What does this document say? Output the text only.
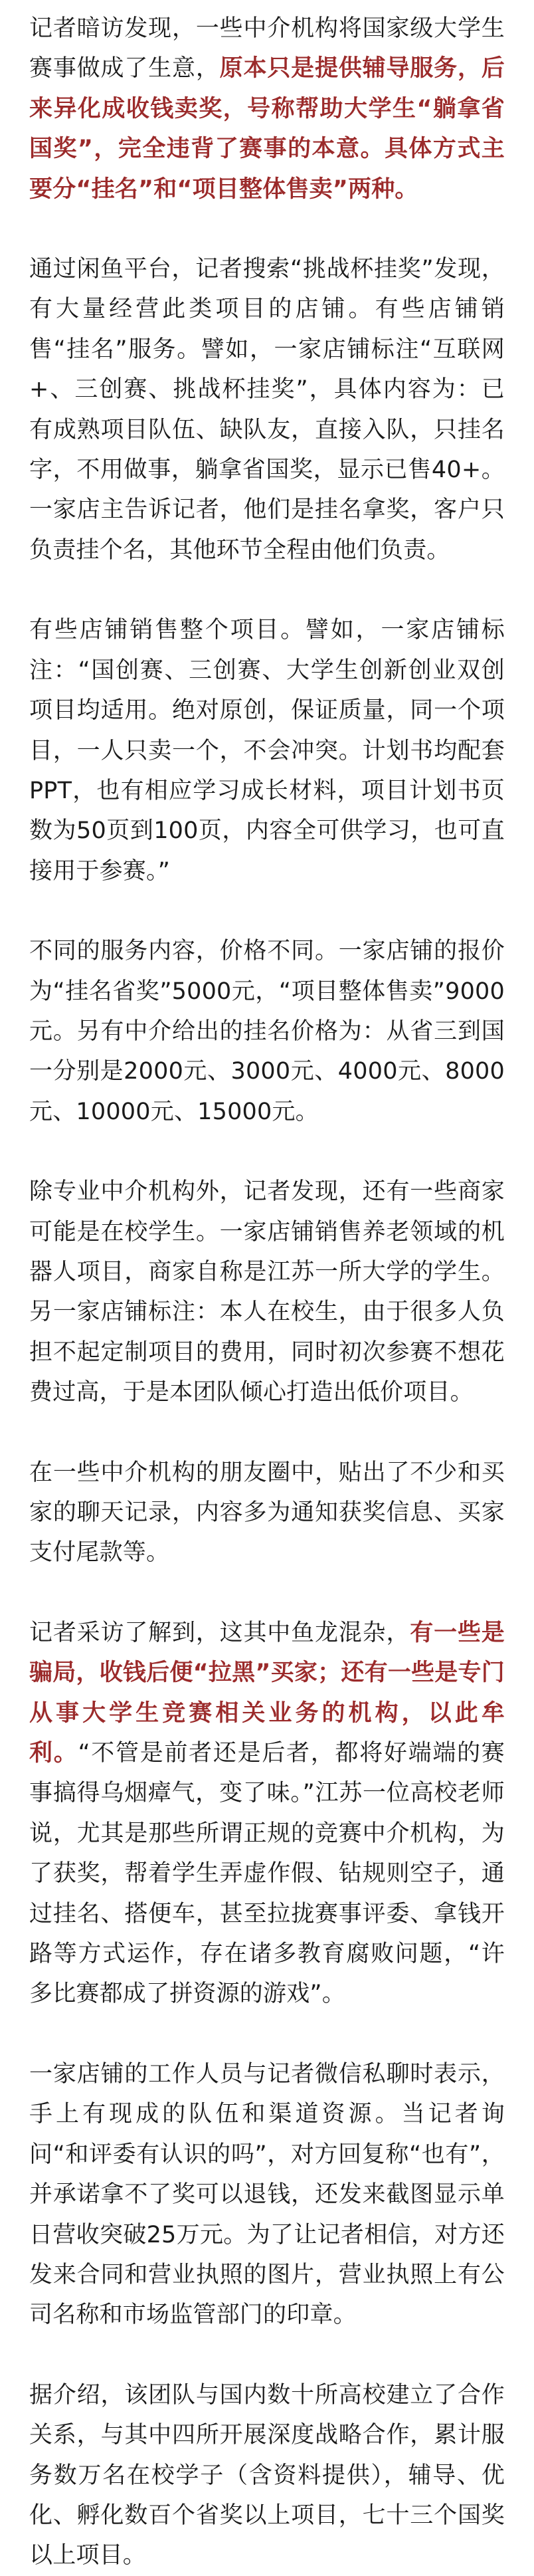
记者暗访发现，一些中介机构将国家级大学生赛事做成了生意，原本只是提供辅导服务，后来异化成收钱卖奖，号称帮助大学生“躺拿省国奖”，完全违背了赛事的本意。具体方式主要分“挂名”和“项目整体售卖”两种。

通过闲鱼平台，记者搜索“挑战杯挂奖”发现，有大量经营此类项目的店铺。有些店铺销售“挂名”服务。譬如，一家店铺标注“互联网+、三创赛、挑战杯挂奖”，具体内容为：已有成熟项目队伍、缺队友，直接入队，只挂名字，不用做事，躺拿省国奖，显示已售40+。一家店主告诉记者，他们是挂名拿奖，客户只负责挂个名，其他环节全程由他们负责。

有些店铺销售整个项目。譬如，一家店铺标注：“国创赛、三创赛、大学生创新创业双创项目均适用。绝对原创，保证质量，同一个项目，一人只卖一个，不会冲突。计划书均配套PPT，也有相应学习成长材料，项目计划书页数为50页到100页，内容全可供学习，也可直接用于参赛。”

不同的服务内容，价格不同。一家店铺的报价为“挂名省奖”5000元，“项目整体售卖”9000元。另有中介给出的挂名价格为：从省三到国一分别是2000元、3000元、4000元、8000元、10000元、15000元。

除专业中介机构外，记者发现，还有一些商家可能是在校学生。一家店铺销售养老领域的机器人项目，商家自称是江苏一所大学的学生。另一家店铺标注：本人在校生，由于很多人负担不起定制项目的费用，同时初次参赛不想花费过高，于是本团队倾心打造出低价项目。

在一些中介机构的朋友圈中，贴出了不少和买家的聊天记录，内容多为通知获奖信息、买家支付尾款等。

记者采访了解到，这其中鱼龙混杂，有一些是骗局，收钱后便“拉黑”买家；还有一些是专门从事大学生竞赛相关业务的机构，以此牟利。“不管是前者还是后者，都将好端端的赛事搞得乌烟瘴气，变了味。”江苏一位高校老师说，尤其是那些所谓正规的竞赛中介机构，为了获奖，帮着学生弄虚作假、钻规则空子，通过挂名、搭便车，甚至拉拢赛事评委、拿钱开路等方式运作，存在诸多教育腐败问题，“许多比赛都成了拼资源的游戏”。

一家店铺的工作人员与记者微信私聊时表示，手上有现成的队伍和渠道资源。当记者询问“和评委有认识的吗”，对方回复称“也有”，并承诺拿不了奖可以退钱，还发来截图显示单日营收突破25万元。为了让记者相信，对方还发来合同和营业执照的图片，营业执照上有公司名称和市场监管部门的印章。

据介绍，该团队与国内数十所高校建立了合作关系，与其中四所开展深度战略合作，累计服务数万名在校学子（含资料提供），辅导、优化、孵化数百个省奖以上项目，七十三个国奖以上项目。
